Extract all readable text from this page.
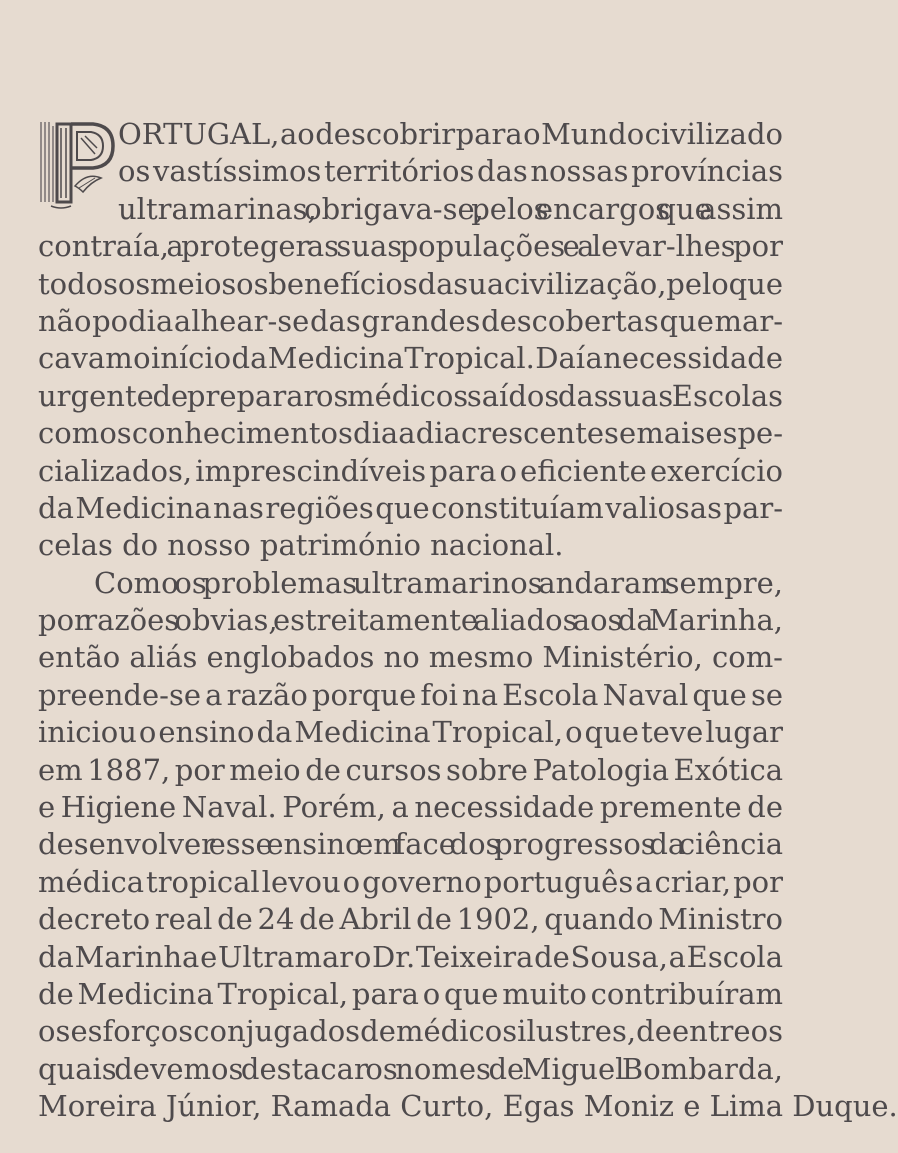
ORTUGAL, ao descobrir para o Mundo civilizado
os vastíssimos territórios das nossas províncias
ultramarinas, obrigava-se, pelos encargos que assim
contraía, a proteger as suas populações e a levar-lhes por
todos os meios os benefícios da sua civilização, pelo que
não podia alhear-se das grandes descobertas que mar-
cavam o início da Medicina Tropical. Daí a necessidade
urgente de preparar os médicos saídos das suas Escolas
com os conhecimentos dia a dia crescentes e mais espe-
cializados, imprescindíveis para o eficiente exercício
da Medicina nas regiões que constituíam valiosas par-
celas do nosso património nacional.
Como os problemas ultramarinos andaram sempre,
por razões obvias, estreitamente aliados aos da Marinha,
então aliás englobados no mesmo Ministério, com-
preende-se a razão porque foi na Escola Naval que se
iniciou o ensino da Medicina Tropical, o que teve lugar
em 1887, por meio de cursos sobre Patologia Exótica
e Higiene Naval. Porém, a necessidade premente de
desenvolver esse ensino em face dos progressos da ciência
médica tropical levou o governo português a criar, por
decreto real de 24 de Abril de 1902, quando Ministro
da Marinha e Ultramar o Dr. Teixeira de Sousa, a Escola
de Medicina Tropical, para o que muito contribuíram
os esforços conjugados de médicos ilustres, de entre os
quais devemos destacar os nomes de Miguel Bombarda,
Moreira Júnior, Ramada Curto, Egas Moniz e Lima Duque.
